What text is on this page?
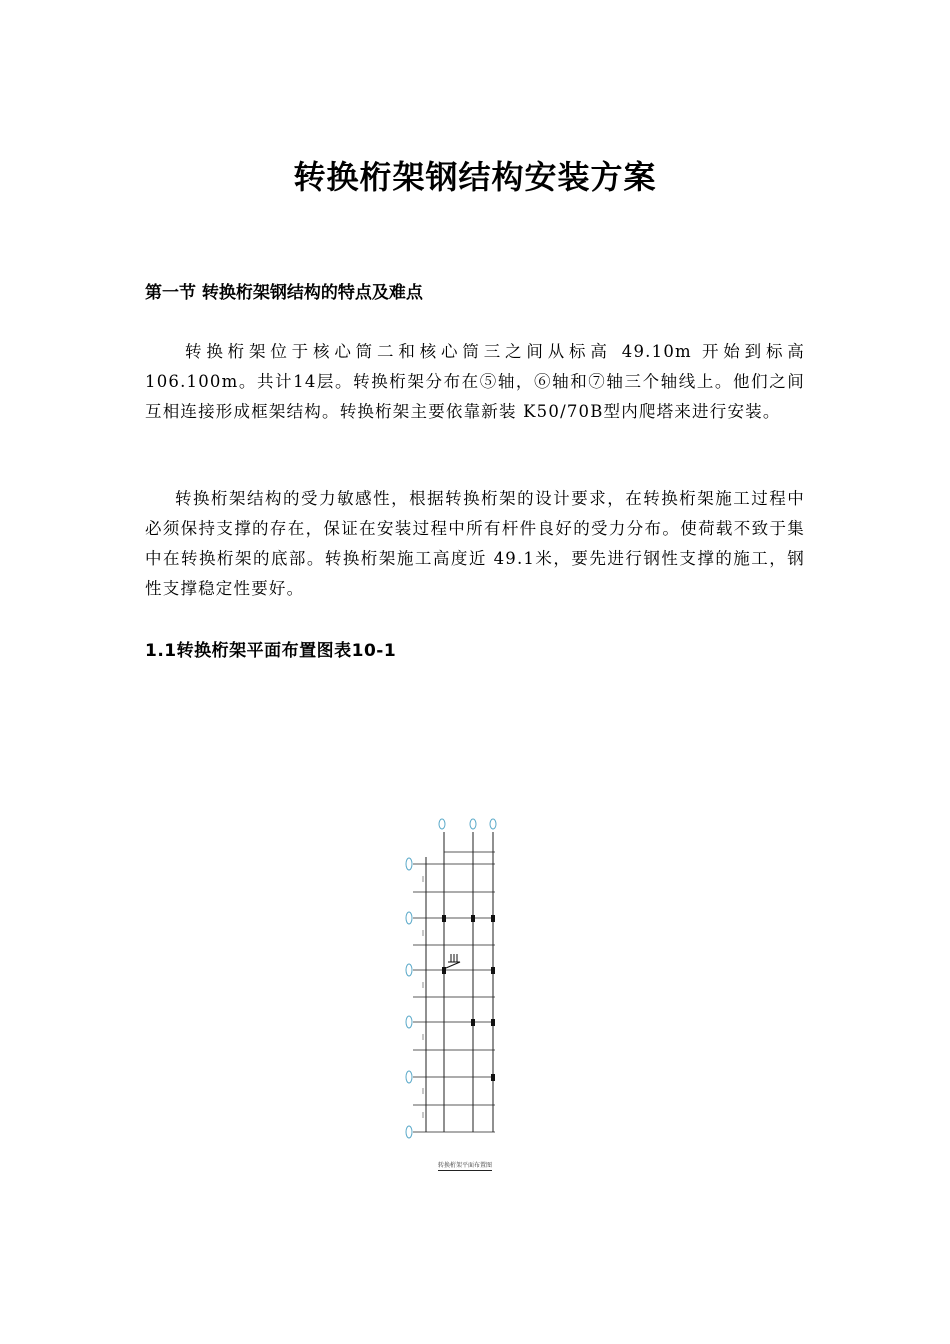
转换桁架钢结构安装方案
第一节 转换桁架钢结构的特点及难点

转换桁架位于核心筒二和核心筒三之间从标高 49.10m 开始到标高 106.100m。共计14层。转换桁架分布在⑤轴，⑥轴和⑦轴三个轴线上。他们之间互相连接形成框架结构。转换桁架主要依靠新装 K50/70B型内爬塔来进行安装。

转换桁架结构的受力敏感性，根据转换桁架的设计要求，在转换桁架施工过程中必须保持支撑的存在，保证在安装过程中所有杆件良好的受力分布。使荷载不致于集中在转换桁架的底部。转换桁架施工高度近 49.1米，要先进行钢性支撑的施工，钢性支撑稳定性要好。

1.1转换桁架平面布置图表10-1
转换桁架平面布置图
